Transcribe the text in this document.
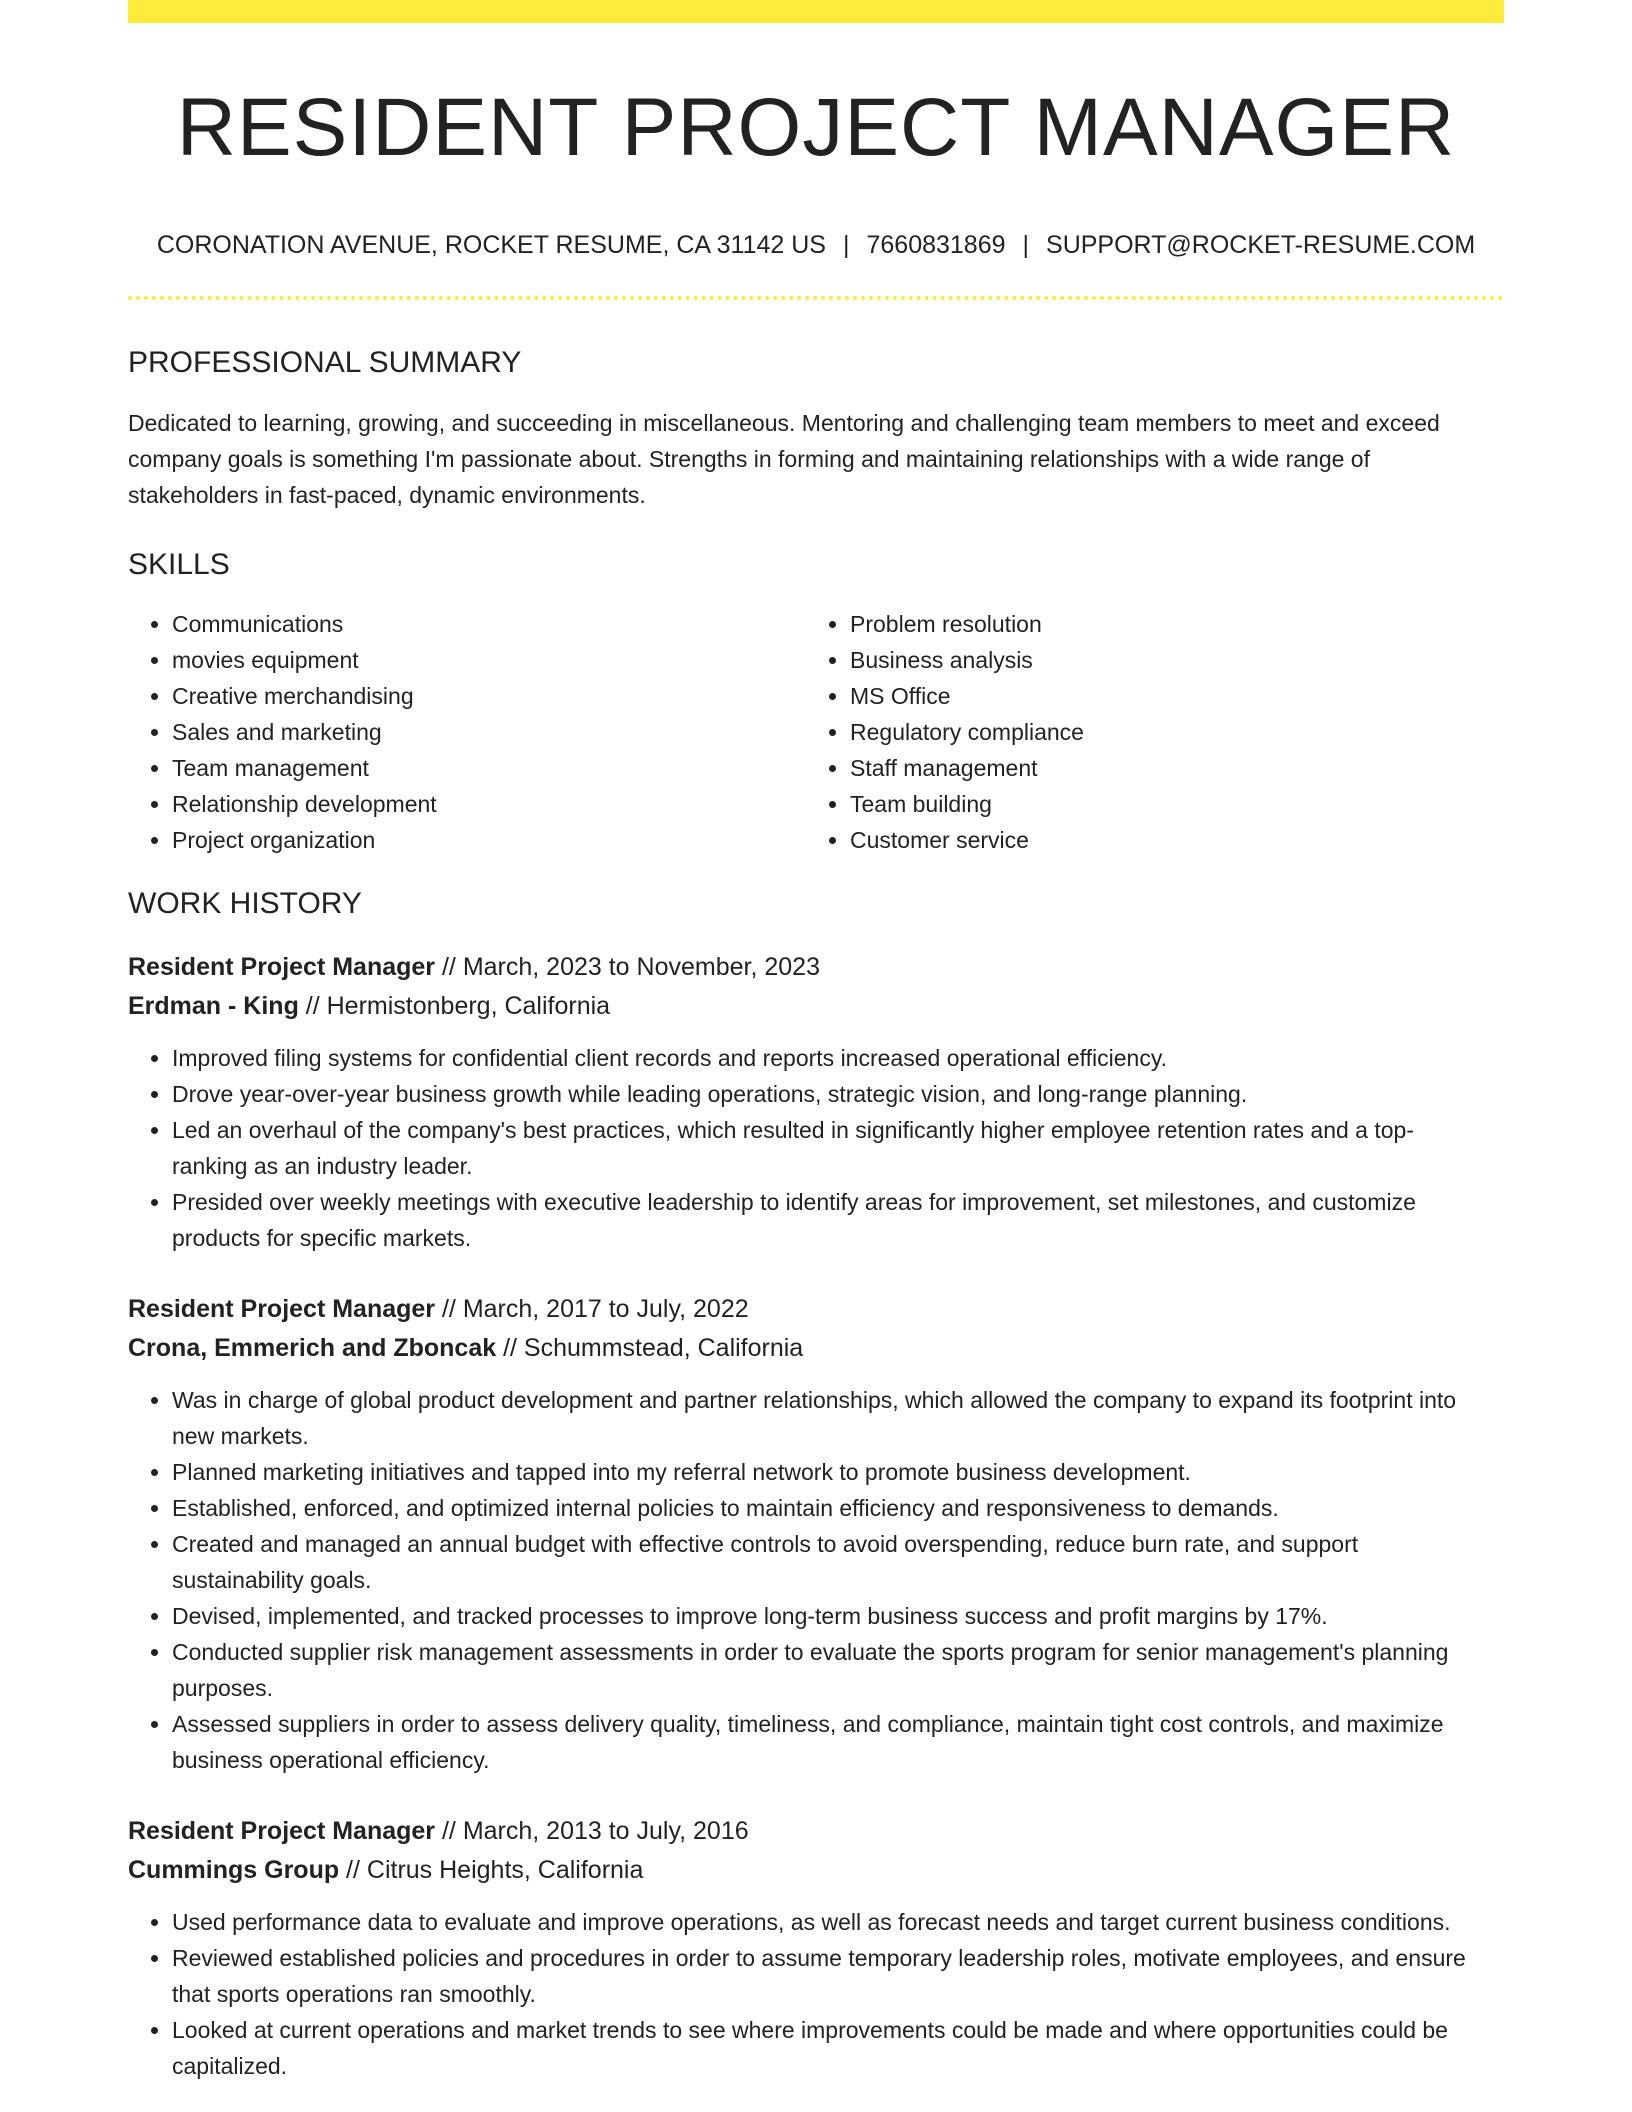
RESIDENT PROJECT MANAGER
CORONATION AVENUE, ROCKET RESUME, CA 31142 US | 7660831869 | SUPPORT@ROCKET-RESUME.COM
PROFESSIONAL SUMMARY
Dedicated to learning, growing, and succeeding in miscellaneous. Mentoring and challenging team members to meet and exceed company goals is something I'm passionate about. Strengths in forming and maintaining relationships with a wide range of stakeholders in fast-paced, dynamic environments.
SKILLS
• Communications
• movies equipment
• Creative merchandising
• Sales and marketing
• Team management
• Relationship development
• Project organization
• Problem resolution
• Business analysis
• MS Office
• Regulatory compliance
• Staff management
• Team building
• Customer service
WORK HISTORY
Resident Project Manager // March, 2023 to November, 2023
Erdman - King // Hermistonberg, California
• Improved filing systems for confidential client records and reports increased operational efficiency.
• Drove year-over-year business growth while leading operations, strategic vision, and long-range planning.
• Led an overhaul of the company's best practices, which resulted in significantly higher employee retention rates and a top-ranking as an industry leader.
• Presided over weekly meetings with executive leadership to identify areas for improvement, set milestones, and customize products for specific markets.
Resident Project Manager // March, 2017 to July, 2022
Crona, Emmerich and Zboncak // Schummstead, California
• Was in charge of global product development and partner relationships, which allowed the company to expand its footprint into new markets.
• Planned marketing initiatives and tapped into my referral network to promote business development.
• Established, enforced, and optimized internal policies to maintain efficiency and responsiveness to demands.
• Created and managed an annual budget with effective controls to avoid overspending, reduce burn rate, and support sustainability goals.
• Devised, implemented, and tracked processes to improve long-term business success and profit margins by 17%.
• Conducted supplier risk management assessments in order to evaluate the sports program for senior management's planning purposes.
• Assessed suppliers in order to assess delivery quality, timeliness, and compliance, maintain tight cost controls, and maximize business operational efficiency.
Resident Project Manager // March, 2013 to July, 2016
Cummings Group // Citrus Heights, California
• Used performance data to evaluate and improve operations, as well as forecast needs and target current business conditions.
• Reviewed established policies and procedures in order to assume temporary leadership roles, motivate employees, and ensure that sports operations ran smoothly.
• Looked at current operations and market trends to see where improvements could be made and where opportunities could be capitalized.
